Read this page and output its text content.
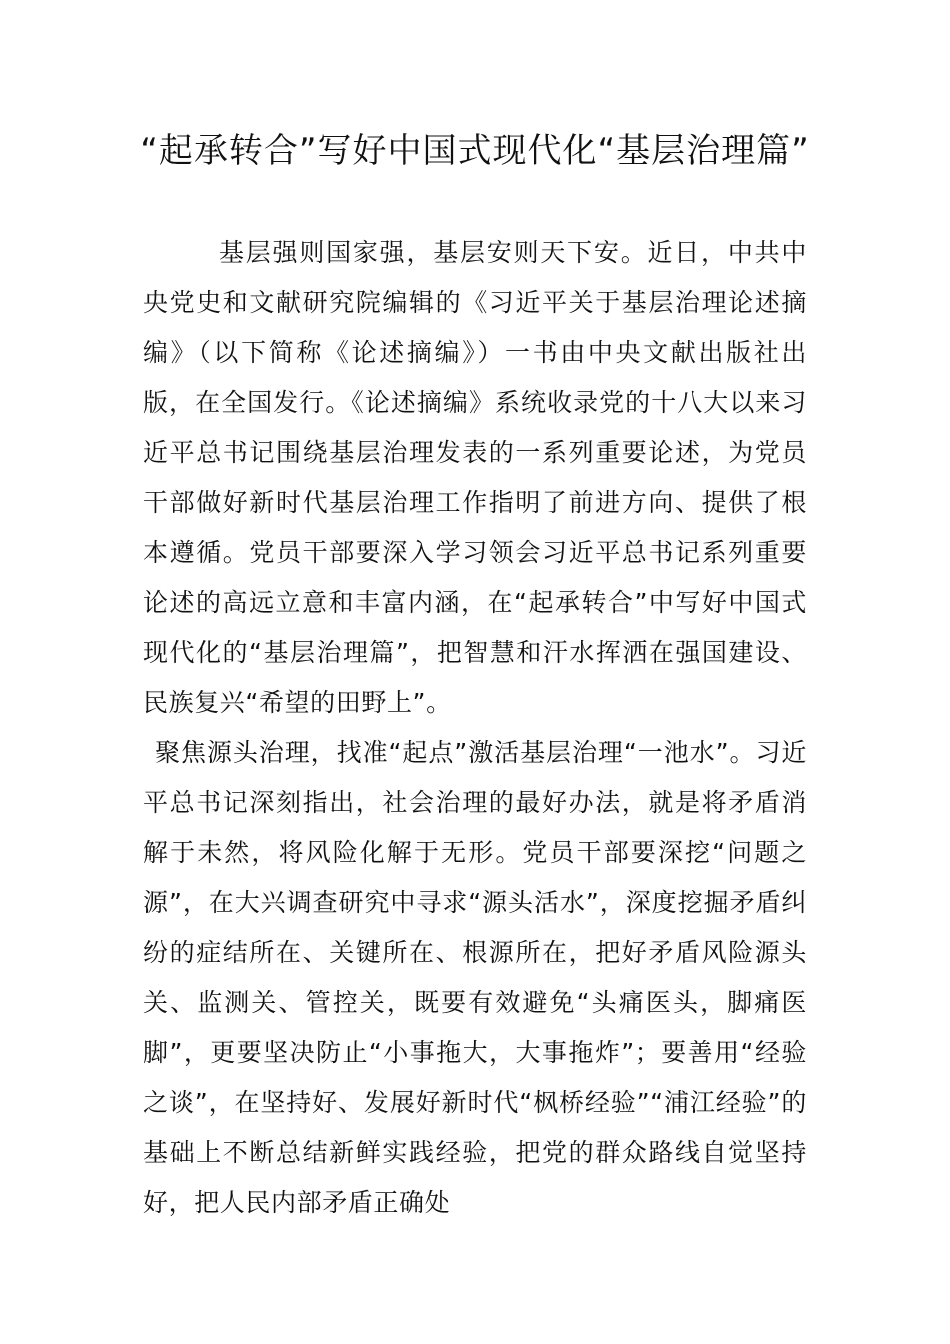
“起承转合”写好中国式现代化“基层治理篇”

基层强则国家强，基层安则天下安。近日，中共中央党史和文献研究院编辑的《习近平关于基层治理论述摘编》（以下简称《论述摘编》）一书由中央文献出版社出版，在全国发行。《论述摘编》系统收录党的十八大以来习近平总书记围绕基层治理发表的一系列重要论述，为党员干部做好新时代基层治理工作指明了前进方向、提供了根本遵循。党员干部要深入学习领会习近平总书记系列重要论述的高远立意和丰富内涵，在“起承转合”中写好中国式现代化的“基层治理篇”，把智慧和汗水挥洒在强国建设、民族复兴“希望的田野上”。

聚焦源头治理，找准“起点”激活基层治理“一池水”。习近平总书记深刻指出，社会治理的最好办法，就是将矛盾消解于未然，将风险化解于无形。党员干部要深挖“问题之源”，在大兴调查研究中寻求“源头活水”，深度挖掘矛盾纠纷的症结所在、关键所在、根源所在，把好矛盾风险源头关、监测关、管控关，既要有效避免“头痛医头，脚痛医脚”，更要坚决防止“小事拖大，大事拖炸”；要善用“经验之谈”，在坚持好、发展好新时代“枫桥经验”“浦江经验”的基础上不断总结新鲜实践经验，把党的群众路线自觉坚持好，把人民内部矛盾正确处
